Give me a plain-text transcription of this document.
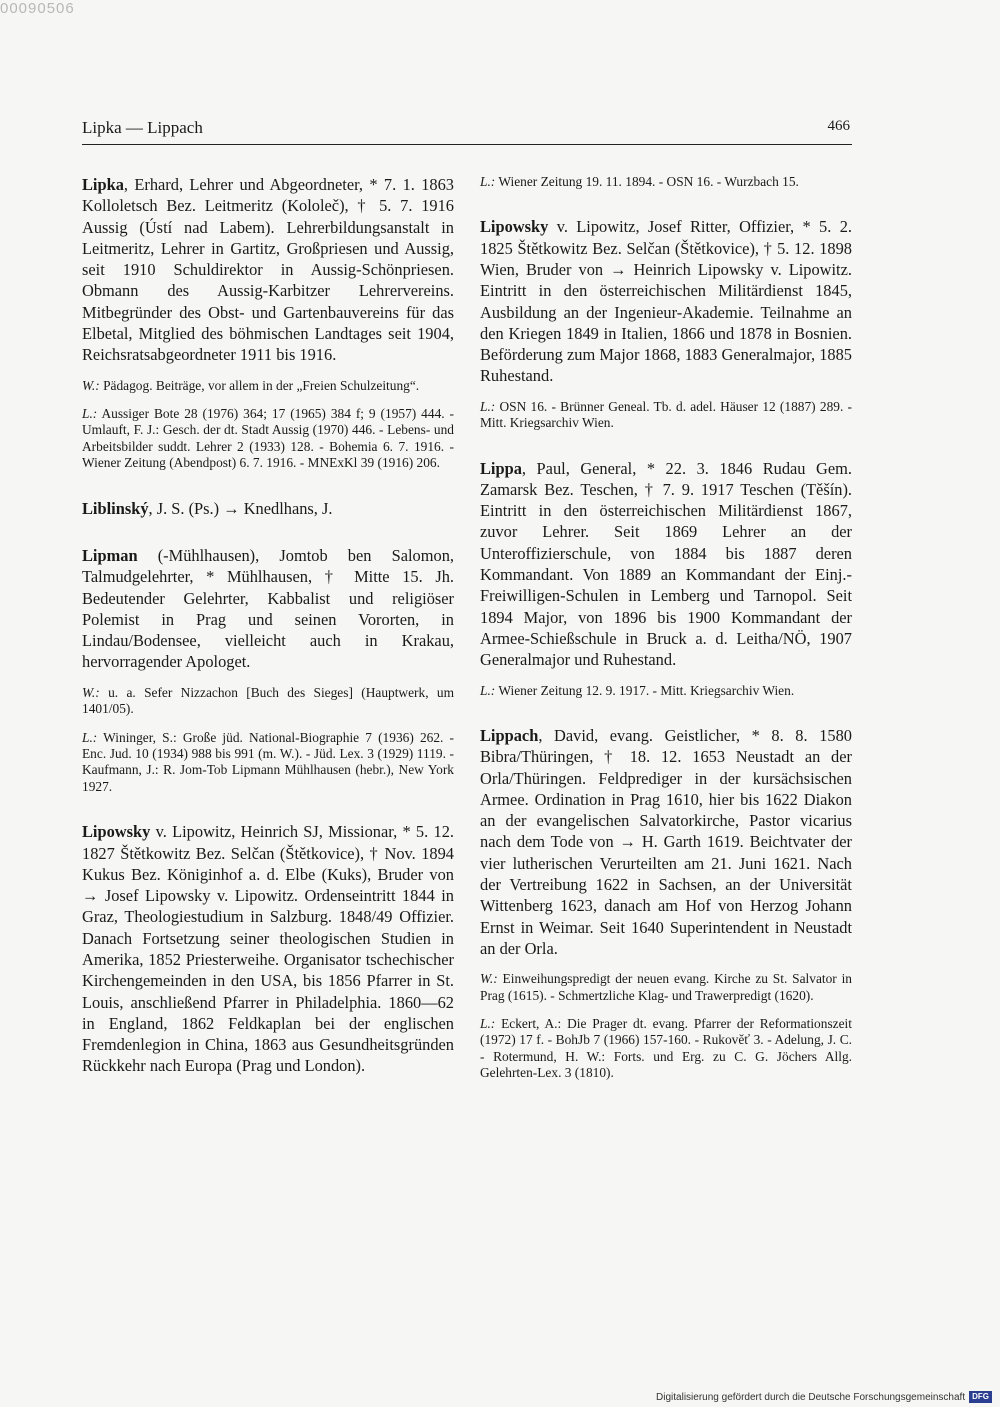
00090506
Lipka — Lippach	466

Lipka, Erhard, Lehrer und Abgeordneter, * 7. 1. 1863 Kolloletsch Bez. Leitmeritz (Kololeč), † 5. 7. 1916 Aussig (Ústí nad Labem). Lehrerbildungsanstalt in Leitmeritz, Lehrer in Gartitz, Großpriesen und Aussig, seit 1910 Schuldirektor in Aussig-Schönpriesen. Obmann des Aussig-Karbitzer Lehrervereins. Mitbegründer des Obst- und Gartenbauvereins für das Elbetal, Mitglied des böhmischen Landtages seit 1904, Reichsratsabgeordneter 1911 bis 1916.

W.: Pädagog. Beiträge, vor allem in der „Freien Schulzeitung“.

L.: Aussiger Bote 28 (1976) 364; 17 (1965) 384 f; 9 (1957) 444. - Umlauft, F. J.: Gesch. der dt. Stadt Aussig (1970) 446. - Lebens- und Arbeitsbilder suddt. Lehrer 2 (1933) 128. - Bohemia 6. 7. 1916. - Wiener Zeitung (Abendpost) 6. 7. 1916. - MNExKl 39 (1916) 206.

Liblinský, J. S. (Ps.) → Knedlhans, J.

Lipman (-Mühlhausen), Jomtob ben Salomon, Talmudgelehrter, * Mühlhausen, † Mitte 15. Jh. Bedeutender Gelehrter, Kabbalist und religiöser Polemist in Prag und seinen Vororten, in Lindau/Bodensee, vielleicht auch in Krakau, hervorragender Apologet.

W.: u. a. Sefer Nizzachon [Buch des Sieges] (Hauptwerk, um 1401/05).

L.: Wininger, S.: Große jüd. National-Biographie 7 (1936) 262. - Enc. Jud. 10 (1934) 988 bis 991 (m. W.). - Jüd. Lex. 3 (1929) 1119. - Kaufmann, J.: R. Jom-Tob Lipmann Mühlhausen (hebr.), New York 1927.

Lipowsky v. Lipowitz, Heinrich SJ, Missionar, * 5. 12. 1827 Štětkowitz Bez. Selčan (Štětkovice), † Nov. 1894 Kukus Bez. Königinhof a. d. Elbe (Kuks), Bruder von → Josef Lipowsky v. Lipowitz. Ordenseintritt 1844 in Graz, Theologiestudium in Salzburg. 1848/49 Offizier. Danach Fortsetzung seiner theologischen Studien in Amerika, 1852 Priesterweihe. Organisator tschechischer Kirchengemeinden in den USA, bis 1856 Pfarrer in St. Louis, anschließend Pfarrer in Philadelphia. 1860—62 in England, 1862 Feldkaplan bei der englischen Fremdenlegion in China, 1863 aus Gesundheitsgründen Rückkehr nach Europa (Prag und London).

L.: Wiener Zeitung 19. 11. 1894. - OSN 16. - Wurzbach 15.

Lipowsky v. Lipowitz, Josef Ritter, Offizier, * 5. 2. 1825 Štětkowitz Bez. Selčan (Štětkovice), † 5. 12. 1898 Wien, Bruder von → Heinrich Lipowsky v. Lipowitz. Eintritt in den österreichischen Militärdienst 1845, Ausbildung an der Ingenieur-Akademie. Teilnahme an den Kriegen 1849 in Italien, 1866 und 1878 in Bosnien. Beförderung zum Major 1868, 1883 Generalmajor, 1885 Ruhestand.

L.: OSN 16. - Brünner Geneal. Tb. d. adel. Häuser 12 (1887) 289. - Mitt. Kriegsarchiv Wien.

Lippa, Paul, General, * 22. 3. 1846 Rudau Gem. Zamarsk Bez. Teschen, † 7. 9. 1917 Teschen (Těšín). Eintritt in den österreichischen Militärdienst 1867, zuvor Lehrer. Seit 1869 Lehrer an der Unteroffizierschule, von 1884 bis 1887 deren Kommandant. Von 1889 an Kommandant der Einj.-Freiwilligen-Schulen in Lemberg und Tarnopol. Seit 1894 Major, von 1896 bis 1900 Kommandant der Armee-Schießschule in Bruck a. d. Leitha/NÖ, 1907 Generalmajor und Ruhestand.

L.: Wiener Zeitung 12. 9. 1917. - Mitt. Kriegsarchiv Wien.

Lippach, David, evang. Geistlicher, * 8. 8. 1580 Bibra/Thüringen, † 18. 12. 1653 Neustadt an der Orla/Thüringen. Feldprediger in der kursächsischen Armee. Ordination in Prag 1610, hier bis 1622 Diakon an der evangelischen Salvatorkirche, Pastor vicarius nach dem Tode von → H. Garth 1619. Beichtvater der vier lutherischen Verurteilten am 21. Juni 1621. Nach der Vertreibung 1622 in Sachsen, an der Universität Wittenberg 1623, danach am Hof von Herzog Johann Ernst in Weimar. Seit 1640 Superintendent in Neustadt an der Orla.

W.: Einweihungspredigt der neuen evang. Kirche zu St. Salvator in Prag (1615). - Schmertzliche Klag- und Trawerpredigt (1620).

L.: Eckert, A.: Die Prager dt. evang. Pfarrer der Reformationszeit (1972) 17 f. - BohJb 7 (1966) 157-160. - Rukověť 3. - Adelung, J. C. - Rotermund, H. W.: Forts. und Erg. zu C. G. Jöchers Allg. Gelehrten-Lex. 3 (1810).

Digitalisierung gefördert durch die Deutsche Forschungsgemeinschaft DFG
